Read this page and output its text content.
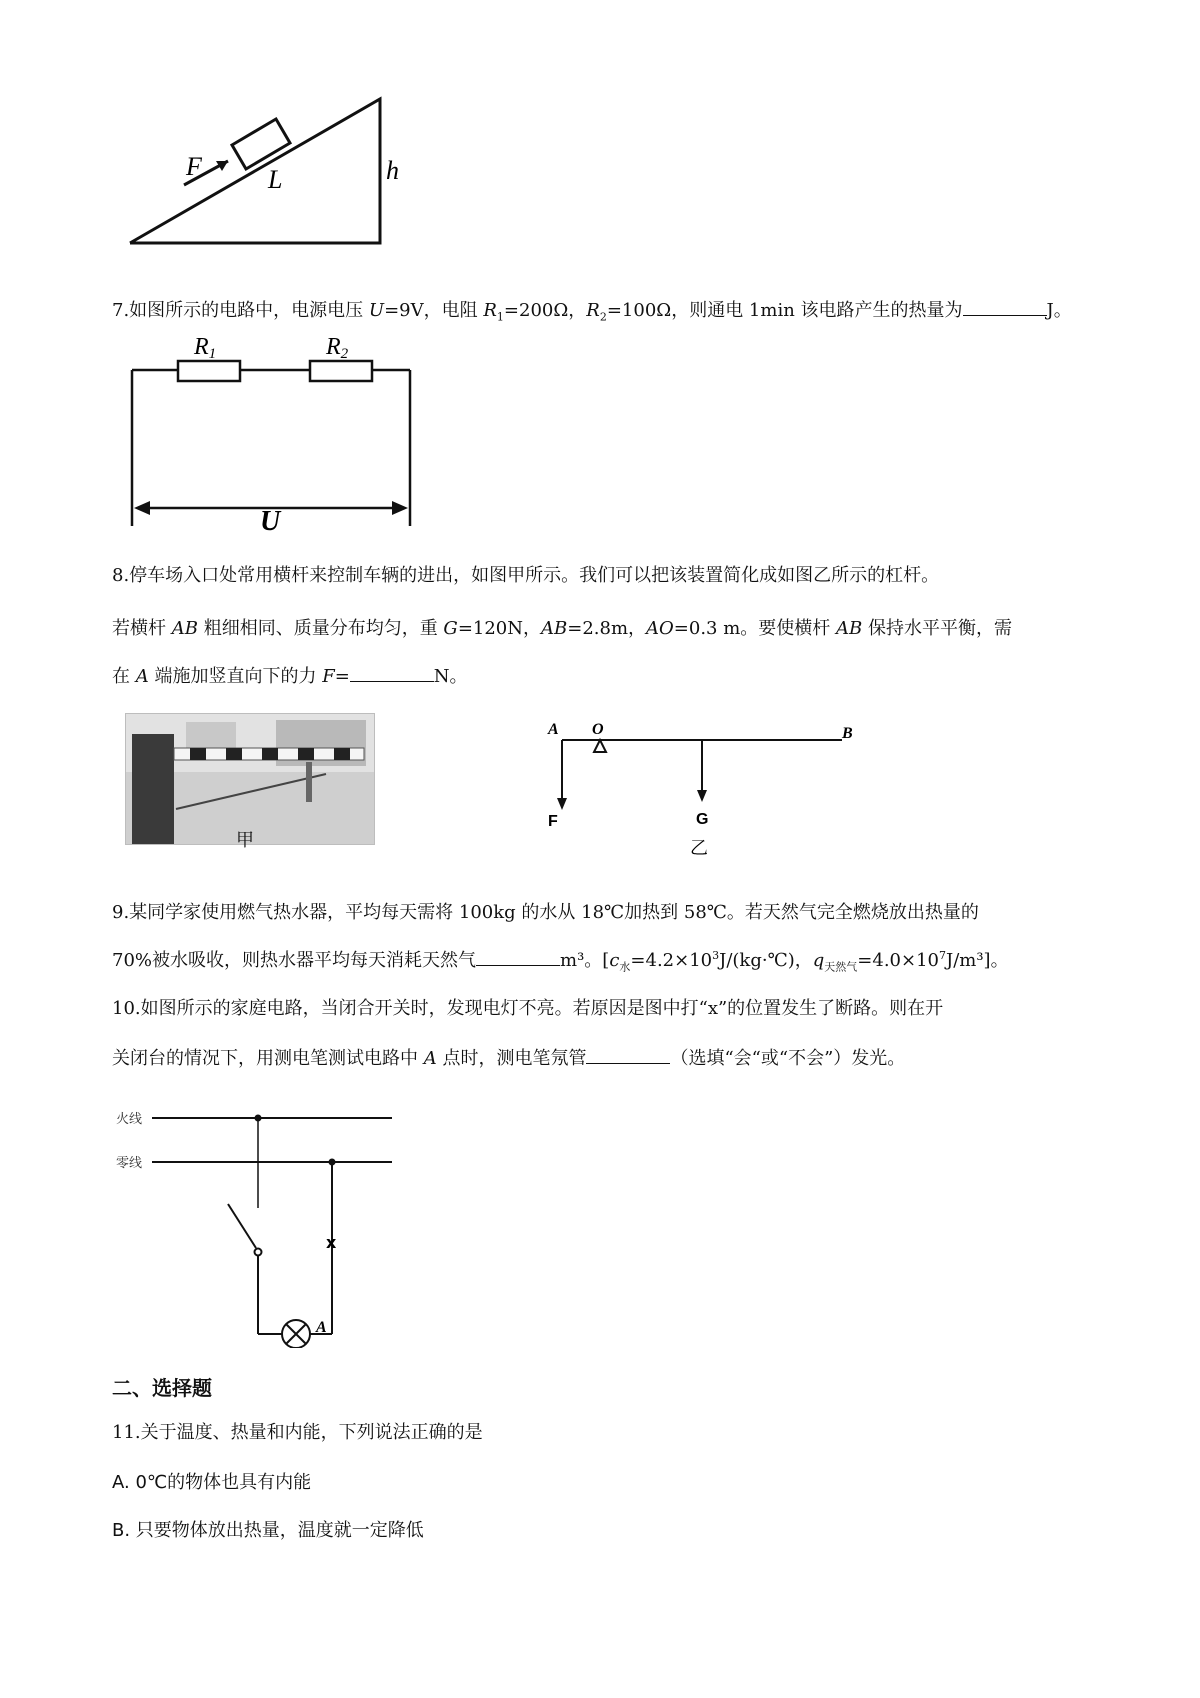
F	L	h
7.如图所示的电路中，电源电压 U=9V，电阻 $R_1=200\Omega$，$R_2=100\Omega$，则通电 1min 该电路产生的热量为	J。
R1	R2
U
8.停车场入口处常用横杆来控制车辆的进出，如图甲所示。我们可以把该装置简化成如图乙所示的杠杆。
若横杆 AB 粗细相同、质量分布均匀，重 G=120N，AB=2.8m，AO=0.3 m。要使横杆 AB 保持水平平衡，需
在 A 端施加竖直向下的力 F=	N。
甲
A O	B
F	G
乙
9.某同学家使用燃气热水器，平均每天需将 100kg 的水从 18℃加热到 58℃。若天然气完全燃烧放出热量的
70%被水吸收，则热水器平均每天消耗天然气	m³。[$c_水=4.2\times 10^3J/(kg\cdot℃)$，$q_{天然气}=4.0\times 10^7J/m^3$]。
10.如图所示的家庭电路，当闭合开关时，发现电灯不亮。若原因是图中打“x”的位置发生了断路。则在开
关闭台的情况下，用测电笔测试电路中 A 点时，测电笔氖管	（选填“会“或“不会”）发光。
火线
零线
x
A
二、选择题
11.关于温度、热量和内能，下列说法正确的是
A. 0℃的物体也具有内能
B. 只要物体放出热量，温度就一定降低
